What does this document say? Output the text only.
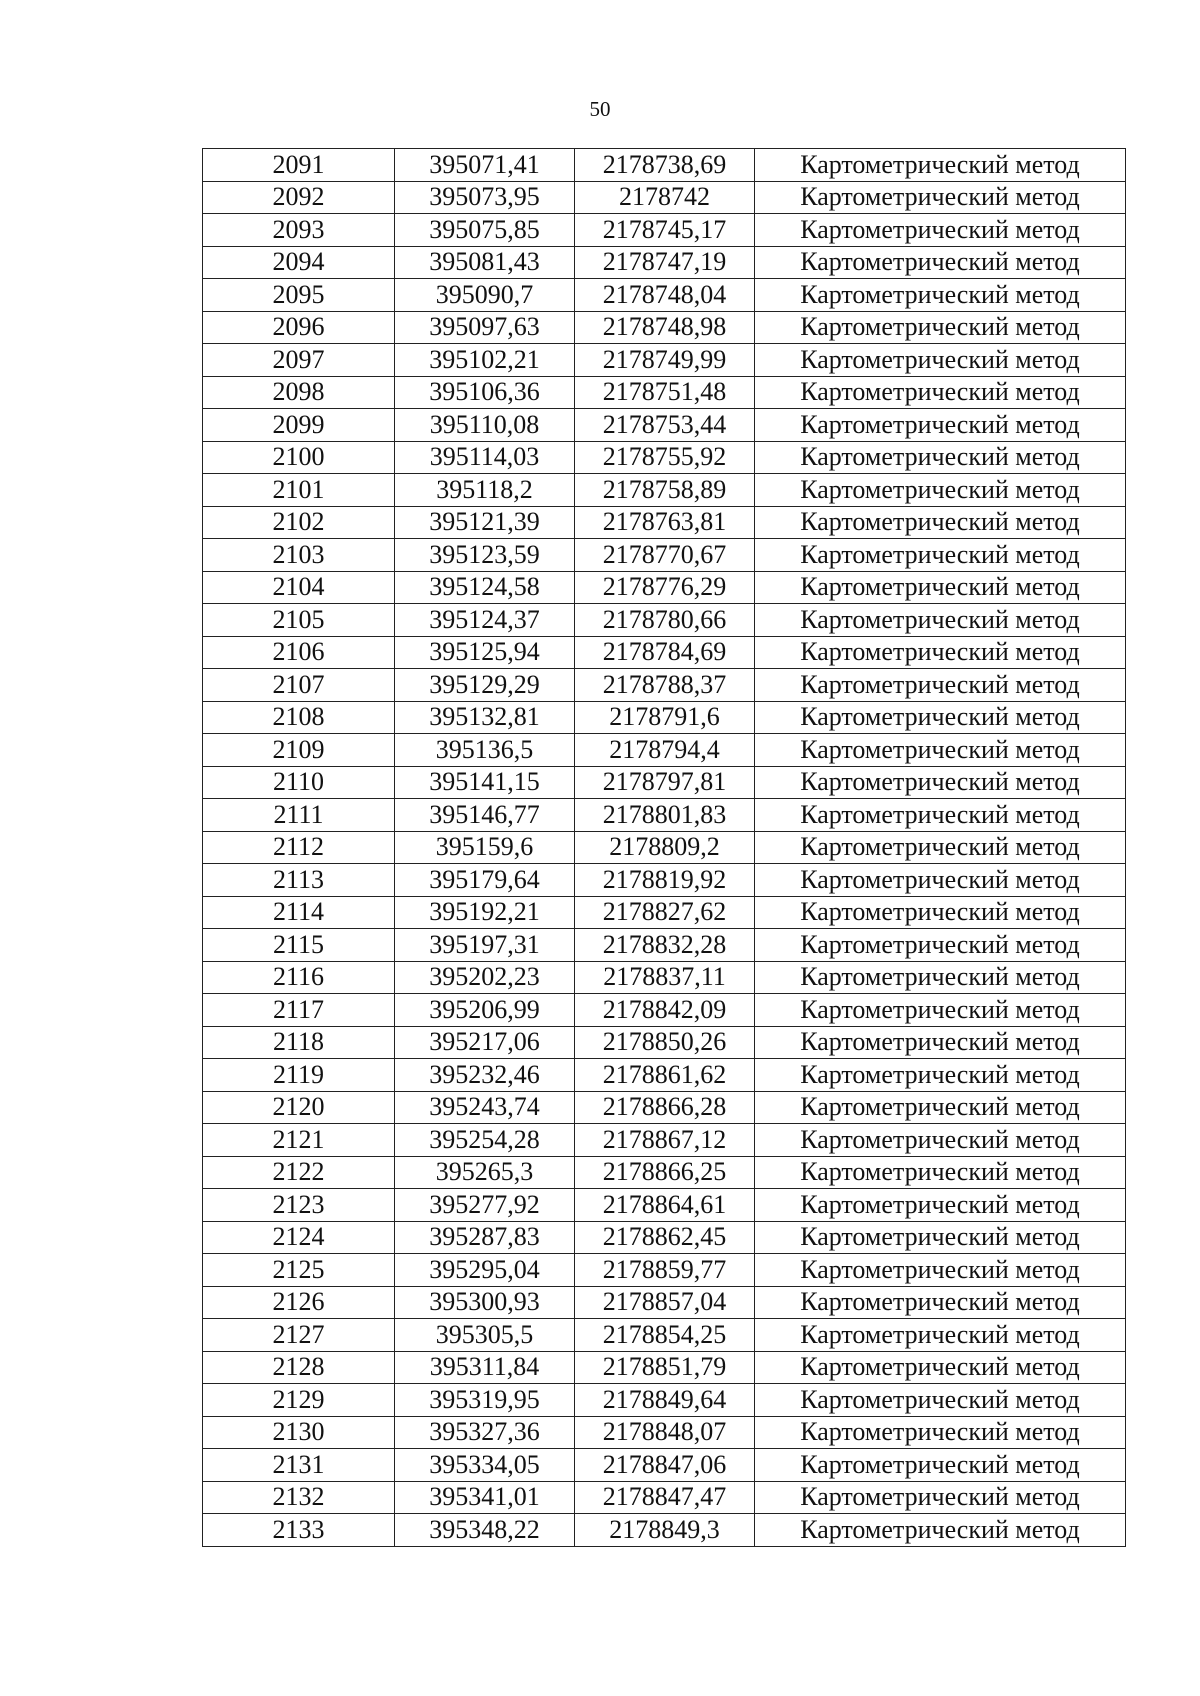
50
2091	395071,41	2178738,69	Картометрический метод
2092	395073,95	2178742	Картометрический метод
2093	395075,85	2178745,17	Картометрический метод
2094	395081,43	2178747,19	Картометрический метод
2095	395090,7	2178748,04	Картометрический метод
2096	395097,63	2178748,98	Картометрический метод
2097	395102,21	2178749,99	Картометрический метод
2098	395106,36	2178751,48	Картометрический метод
2099	395110,08	2178753,44	Картометрический метод
2100	395114,03	2178755,92	Картометрический метод
2101	395118,2	2178758,89	Картометрический метод
2102	395121,39	2178763,81	Картометрический метод
2103	395123,59	2178770,67	Картометрический метод
2104	395124,58	2178776,29	Картометрический метод
2105	395124,37	2178780,66	Картометрический метод
2106	395125,94	2178784,69	Картометрический метод
2107	395129,29	2178788,37	Картометрический метод
2108	395132,81	2178791,6	Картометрический метод
2109	395136,5	2178794,4	Картометрический метод
2110	395141,15	2178797,81	Картометрический метод
2111	395146,77	2178801,83	Картометрический метод
2112	395159,6	2178809,2	Картометрический метод
2113	395179,64	2178819,92	Картометрический метод
2114	395192,21	2178827,62	Картометрический метод
2115	395197,31	2178832,28	Картометрический метод
2116	395202,23	2178837,11	Картометрический метод
2117	395206,99	2178842,09	Картометрический метод
2118	395217,06	2178850,26	Картометрический метод
2119	395232,46	2178861,62	Картометрический метод
2120	395243,74	2178866,28	Картометрический метод
2121	395254,28	2178867,12	Картометрический метод
2122	395265,3	2178866,25	Картометрический метод
2123	395277,92	2178864,61	Картометрический метод
2124	395287,83	2178862,45	Картометрический метод
2125	395295,04	2178859,77	Картометрический метод
2126	395300,93	2178857,04	Картометрический метод
2127	395305,5	2178854,25	Картометрический метод
2128	395311,84	2178851,79	Картометрический метод
2129	395319,95	2178849,64	Картометрический метод
2130	395327,36	2178848,07	Картометрический метод
2131	395334,05	2178847,06	Картометрический метод
2132	395341,01	2178847,47	Картометрический метод
2133	395348,22	2178849,3	Картометрический метод
